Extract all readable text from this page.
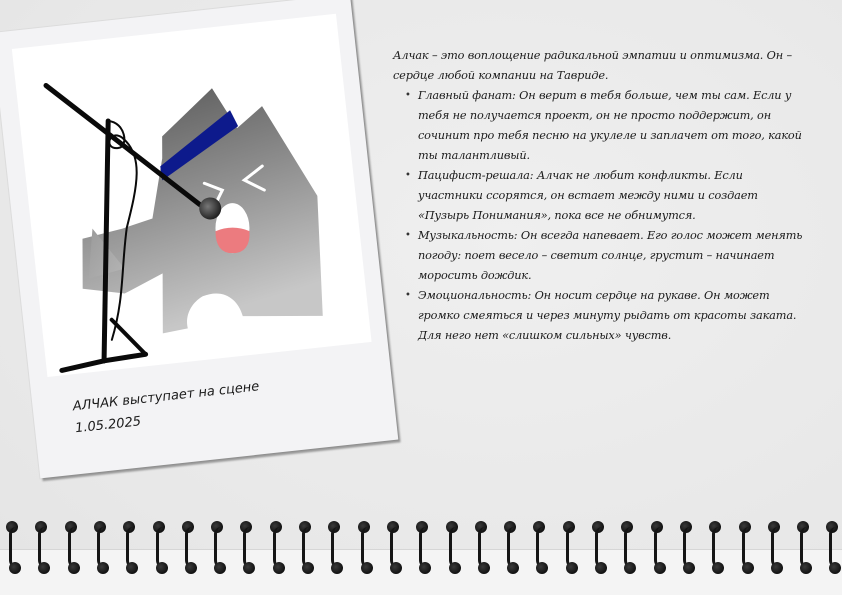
АЛЧАК выступает на сцене
1.05.2025

Алчак – это воплощение радикальной эмпатии и оптимизма. Он – сердце любой компании на Тавриде.

• Главный фанат: Он верит в тебя больше, чем ты сам. Если у тебя не получается проект, он не просто поддержит, он сочинит про тебя песню на укулеле и заплачет от того, какой ты талантливый.
• Пацифист-решала: Алчак не любит конфликты. Если участники ссорятся, он встает между ними и создает «Пузырь Понимания», пока все не обнимутся.
• Музыкальность: Он всегда напевает. Его голос может менять погоду: поет весело – светит солнце, грустит – начинает моросить дождик.
• Эмоциональность: Он носит сердце на рукаве. Он может громко смеяться и через минуту рыдать от красоты заката. Для него нет «слишком сильных» чувств.
